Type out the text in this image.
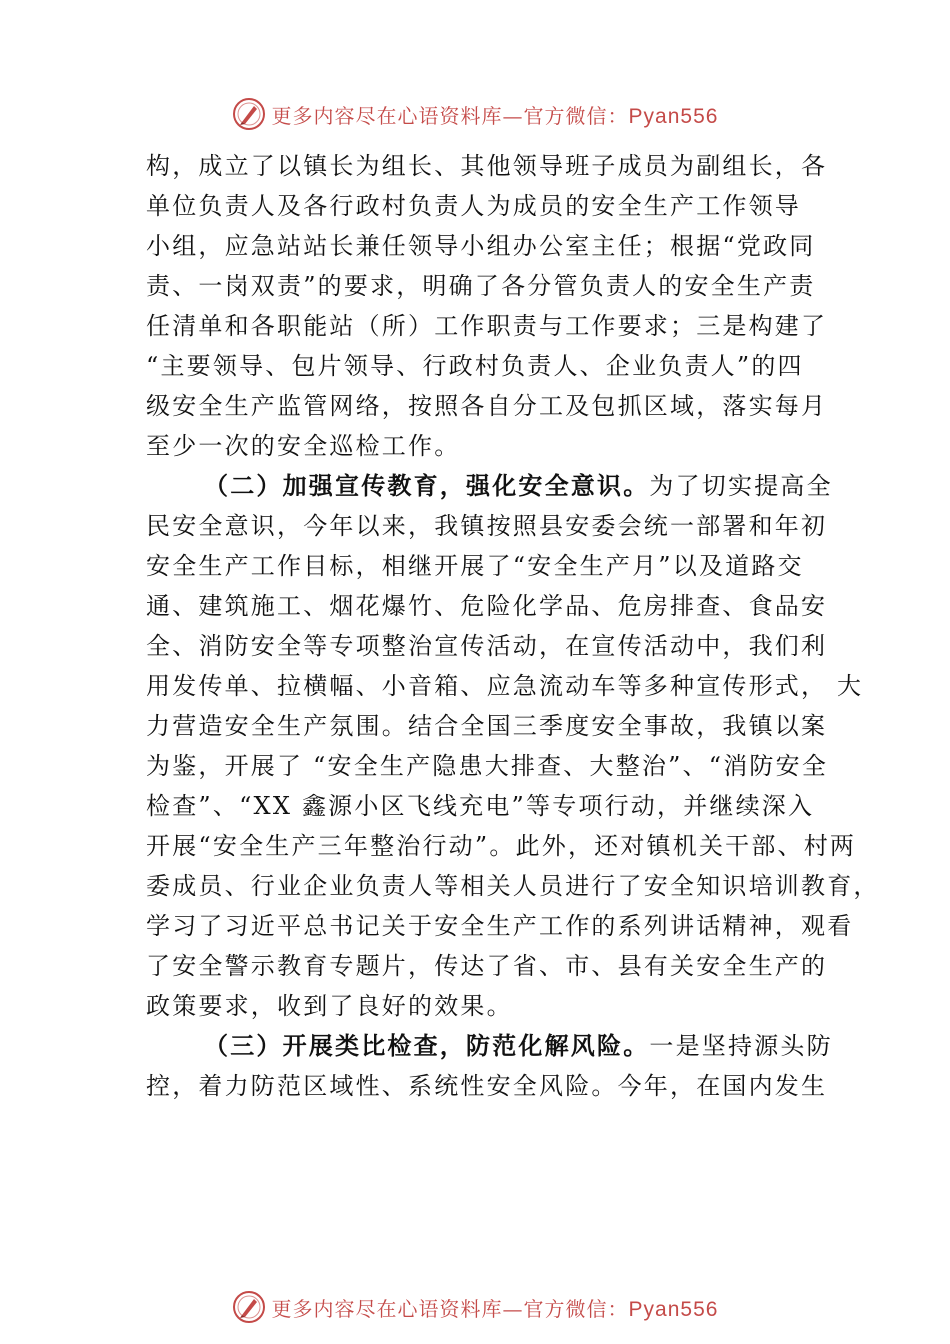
更多内容尽在心语资料库—官方微信：Pyan556
构，成立了以镇长为组长、其他领导班子成员为副组长，各
单位负责人及各行政村负责人为成员的安全生产工作领导
小组，应急站站长兼任领导小组办公室主任；根据“党政同
责、一岗双责”的要求，明确了各分管负责人的安全生产责
任清单和各职能站（所）工作职责与工作要求；三是构建了
“主要领导、包片领导、行政村负责人、企业负责人”的四
级安全生产监管网络，按照各自分工及包抓区域，落实每月
至少一次的安全巡检工作。
（二）加强宣传教育，强化安全意识。为了切实提高全
民安全意识，今年以来，我镇按照县安委会统一部署和年初
安全生产工作目标，相继开展了“安全生产月”以及道路交
通、建筑施工、烟花爆竹、危险化学品、危房排查、食品安
全、消防安全等专项整治宣传活动，在宣传活动中，我们利
用发传单、拉横幅、小音箱、应急流动车等多种宣传形式， 大
力营造安全生产氛围。结合全国三季度安全事故，我镇以案
为鉴，开展了 “安全生产隐患大排查、大整治”、“消防安全
检查”、“XX 鑫源小区飞线充电”等专项行动，并继续深入
开展“安全生产三年整治行动”。此外，还对镇机关干部、村两
委成员、行业企业负责人等相关人员进行了安全知识培训教育，
学习了习近平总书记关于安全生产工作的系列讲话精神，观看
了安全警示教育专题片，传达了省、市、县有关安全生产的
政策要求，收到了良好的效果。
（三）开展类比检查，防范化解风险。一是坚持源头防
控，着力防范区域性、系统性安全风险。今年，在国内发生
更多内容尽在心语资料库—官方微信：Pyan556
